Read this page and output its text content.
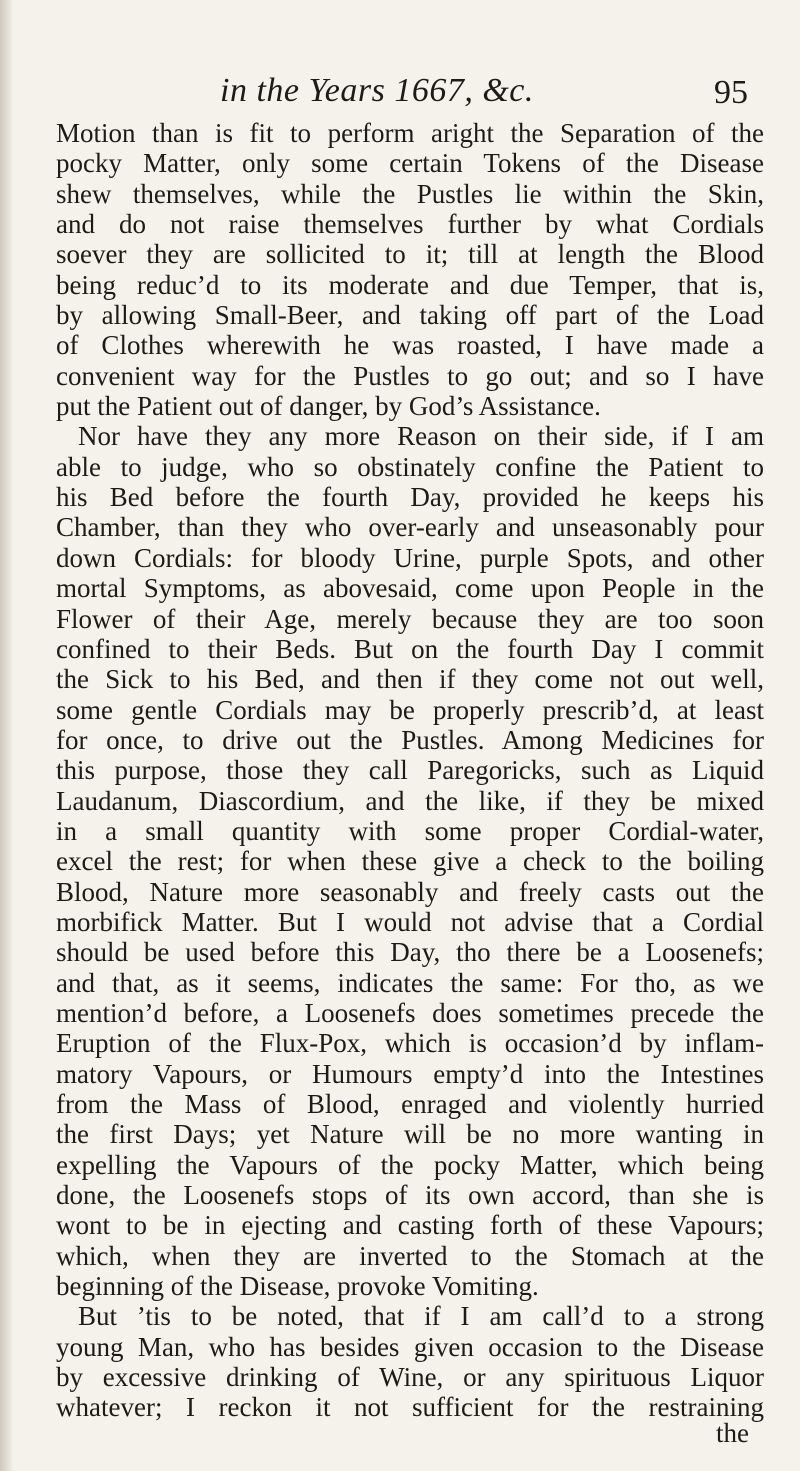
in the Years 1667, &c.	95
Motion than is fit to perform aright the Separation of the
pocky Matter, only some certain Tokens of the Disease
shew themselves, while the Pustles lie within the Skin,
and do not raise themselves further by what Cordials
soever they are sollicited to it; till at length the Blood
being reduc’d to its moderate and due Temper, that is,
by allowing Small-Beer, and taking off part of the Load
of Clothes wherewith he was roasted, I have made a
convenient way for the Pustles to go out; and so I have
put the Patient out of danger, by God’s Assistance.
Nor have they any more Reason on their side, if I am
able to judge, who so obstinately confine the Patient to
his Bed before the fourth Day, provided he keeps his
Chamber, than they who over-early and unseasonably pour
down Cordials: for bloody Urine, purple Spots, and other
mortal Symptoms, as abovesaid, come upon People in the
Flower of their Age, merely because they are too soon
confined to their Beds. But on the fourth Day I commit
the Sick to his Bed, and then if they come not out well,
some gentle Cordials may be properly prescrib’d, at least
for once, to drive out the Pustles. Among Medicines for
this purpose, those they call Paregoricks, such as Liquid
Laudanum, Diascordium, and the like, if they be mixed
in a small quantity with some proper Cordial-water,
excel the rest; for when these give a check to the boiling
Blood, Nature more seasonably and freely casts out the
morbifick Matter. But I would not advise that a Cordial
should be used before this Day, tho there be a Loosenefs;
and that, as it seems, indicates the same: For tho, as we
mention’d before, a Loosenefs does sometimes precede the
Eruption of the Flux-Pox, which is occasion’d by inflam-
matory Vapours, or Humours empty’d into the Intestines
from the Mass of Blood, enraged and violently hurried
the first Days; yet Nature will be no more wanting in
expelling the Vapours of the pocky Matter, which being
done, the Loosenefs stops of its own accord, than she is
wont to be in ejecting and casting forth of these Vapours;
which, when they are inverted to the Stomach at the
beginning of the Disease, provoke Vomiting.
But ’tis to be noted, that if I am call’d to a strong
young Man, who has besides given occasion to the Disease
by excessive drinking of Wine, or any spirituous Liquor
whatever; I reckon it not sufficient for the restraining
the
